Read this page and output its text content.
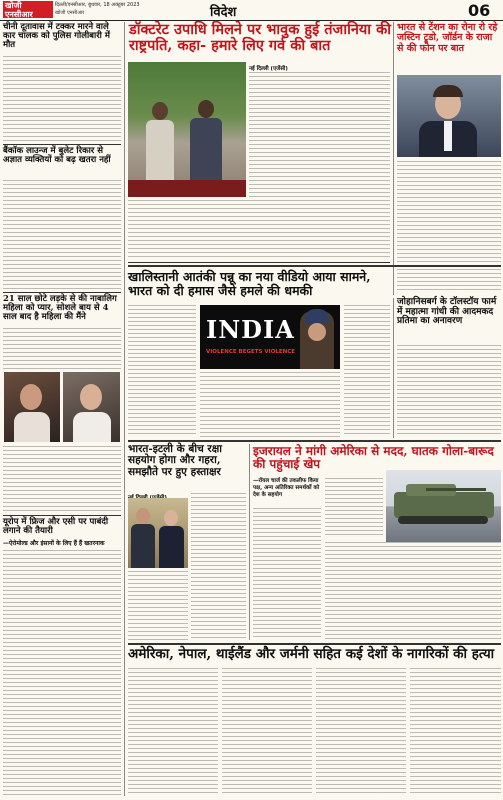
खोजी एनसीआर
दिल्ली/एनसीआर, बुधवार, 18 अक्टूबर 2023
खोजी एनसीआर	विदेश	06
चीनी दूतावास में टक्कर मारने वाले कार चालक को पुलिस गोलीबारी में मौत
बैंकॉक लाउन्ज में बुलेट रिकार से अज्ञात व्यक्तियों को बढ़ खतरा नहीं
21 साल छोटे लड़के से की नाबालिग महिला को प्यार, सोशले बाय से 4 साल बाद है महिला की मैंने
यूरोप में फ्रिज और एसी पर पाबंदी लगाने की तैयारी
—ऐरोमोल्ड और इंसानों के लिए हैं हैं खतरनाक
डॉक्टरेट उपाधि मिलने पर भावुक हुई तंजानिया की राष्ट्रपति, कहा- हमारे लिए गर्व की बात
नई दिल्ली (एजेंसी)
भारत से टेंशन का रोना रो रहे जस्टिन ट्रूडो, जॉर्डन के राजा से की फोन पर बात
खालिस्तानी आतंकी पन्नू का नया वीडियो आया सामने, भारत को दी हमास जैसे हमले की धमकी
INDIA
VIOLENCE BEGETS VIOLENCE
जोहानिसबर्ग के टॉलस्टॉय फार्म में महात्मा गांधी की आदमकद प्रतिमा का अनावरण
भारत-इटली के बीच रक्षा सहयोग होगा और गहरा, समझौते पर हुए हस्ताक्षर
इजरायल ने मांगी अमेरिका से मदद, घातक गोला-बारूद की पहुंचाई खेप
—रॉयल चार्ज की तकलीफ किया पक्ष, अन्य अतिरिक्त समर्थकों को देश के सहयोग
अमेरिका, नेपाल, थाईलैंड और जर्मनी सहित कई देशों के नागरिकों की हत्या
